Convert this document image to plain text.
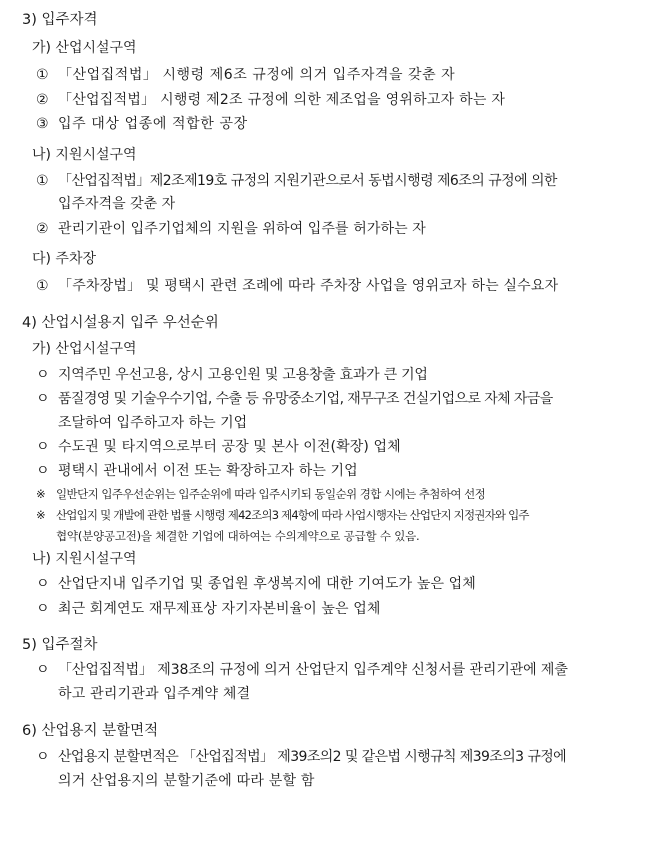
3) 입주자격
가) 산업시설구역
① 「산업집적법」 시행령 제6조 규정에 의거 입주자격을 갖춘 자
② 「산업집적법」 시행령 제2조 규정에 의한 제조업을 영위하고자 하는 자
③ 입주 대상 업종에 적합한 공장
나) 지원시설구역
① 「산업집적법」제2조제19호 규정의 지원기관으로서 동법시행령 제6조의 규정에 의한
입주자격을 갖춘 자
② 관리기관이 입주기업체의 지원을 위하여 입주를 허가하는 자
다) 주차장
① 「주차장법」 및 평택시 관련 조례에 따라 주차장 사업을 영위코자 하는 실수요자
4) 산업시설용지 입주 우선순위
가) 산업시설구역
ㅇ 지역주민 우선고용, 상시 고용인원 및 고용창출 효과가 큰 기업
ㅇ 품질경영 및 기술우수기업, 수출 등 유망중소기업, 재무구조 건실기업으로 자체 자금을
조달하여 입주하고자 하는 기업
ㅇ 수도권 및 타지역으로부터 공장 및 본사 이전(확장) 업체
ㅇ 평택시 관내에서 이전 또는 확장하고자 하는 기업
※ 일반단지 입주우선순위는 입주순위에 따라 입주시키되 동일순위 경합 시에는 추첨하여 선정
※ 산업입지 및 개발에 관한 법률 시행령 제42조의3 제4항에 따라 사업시행자는 산업단지 지정권자와 입주
협약(분양공고전)을 체결한 기업에 대하여는 수의계약으로 공급할 수 있음.
나) 지원시설구역
ㅇ 산업단지내 입주기업 및 종업원 후생복지에 대한 기여도가 높은 업체
ㅇ 최근 회계연도 재무제표상 자기자본비율이 높은 업체
5) 입주절차
ㅇ 「산업집적법」 제38조의 규정에 의거 산업단지 입주계약 신청서를 관리기관에 제출
하고 관리기관과 입주계약 체결
6) 산업용지 분할면적
ㅇ 산업용지 분할면적은 「산업집적법」 제39조의2 및 같은법 시행규칙 제39조의3 규정에
의거 산업용지의 분할기준에 따라 분할 함
